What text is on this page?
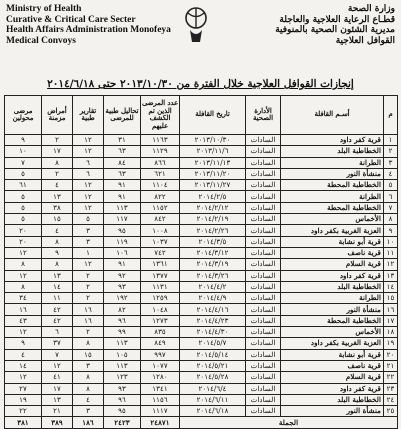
Ministry of Health
Curative & Critical Care Secter
Health Affairs Administration Monofeya
Medical Convoys
وزارة الصحة
قطـاع الرعاية العلاجية والعاجلة
مديرية الشئون الصحية بالمنوفية
القوافل العلاجية
إنجازات القوافل العلاجية خلال الفترة من ٢٠١٣/١٠/٣٠ حتى ٢٠١٤/٦/١٨
م	أسـم القافلة	الأدارة الصحية	تاريخ القافلة	عدد المرضى الذين تم الكشف عليهم	تحاليل طبية للمرضى	تقارير طبية	أمراض مزمنة	مرضى محولين
١	قرية كفر داود	السادات	٢٠١٣/١٠/٣٠	١١٦٣	٣١	١٢	٢	٩
٢	الخطاطبة البلد	السادات	٢٠١٣/١١/٦	١١٢٩	٦٣	١٢	١٧	١٠
٣	الطرانة	السادات	٢٠١٣/١١/١٣	٨٦٦	٨٤	٦	٨	٧
٤	منشأة النور	السادات	٢٠١٣/١١/٢٠	٦٢١	٦٣	٦	٢	٥
٥	الخطاطبة المحطة	السادات	٢٠١٣/١١/٢٧	١١٠٤	٩١	١٢	٤	٦١
٦	الطرانة	السادات	٢٠١٤/٢/٥	٨٢٢	٩١	١٢	١٣	٥
٧	الخطاطبة المحطة	السادات	٢٠١٤/٢/١٢	١١٥٢	١١٣	١٢	٣٨	٥
٨	الأخماس	السادات	٢٠١٤/٢/١٩	٨٤٢	١١٧	٥	١٥	٥
٩	العزبة الغربية بكفر داود	السادات	٢٠١٤/٢/٢٦	١٠٠٨	٩٥	٣	٤	٢٠
١٠	قرية أبو نشابة	السادات	٢٠١٤/٣/٥	١٠٣٧	١١٩	٣	٨	٢٠
١١	قرية ناصف	السادات	٢٠١٤/٣/١٢	٧٤٢	١٠٦	١	٩	١٢
١٢	قرية السلام	السادات	٢٠١٤/٣/١٩	١٣٦١	٩١	١٢	٨	٨
١٣	قرية كفر داود	السادات	٢٠١٤/٣/٢٦	١٣٧٧	٩٢	٢	١٣	١٢
١٤	الخطاطبة البلد	السادات	٢٠١٤/٤/٢	١١٣١	٩٣	٢	١٤	٨
١٥	الطرانة	السادات	٢٠١٤/٤/٩	١٢٥٩	١٩٢	٢	١١	٣٤
١٦	منشأة النور	السادات	٢٠١٤/٤/١٦	١٠٤٨	٨٢	١٦	٤٢	١٦
١٧	الخطاطبة المحطة	السادات	٢٠١٤/٤/٢٣	١٢٧٣	٩٦	١٦	٤٢	٤٣
١٨	الأخماس	السادات	٢٠١٤/٤/٣٠	٨٣٥	٩٩	٢	٦	١٢
١٩	العزبة الغربية بكفر داود	السادات	٢٠١٤/٥/٧	٨٤٩	١١٣	٨	٣٧	٩
٢٠	قرية أبو نشابة	السادات	٢٠١٤/٥/١٤	٩٩٧	١٠٥	١٥	٧	٤
٢١	قرية ناصف	السادات	٢٠١٤/٥/٢١	١٠٧٧	١١٣	٣	١٢	١٤
٢٢	قرية السلام	السادات	٢٠١٤/٥/٢٨	١٢٨٠	١٢٣	٨	٤١	١٢
٢٣	قرية كفر داود	السادات	٢٠١٤/٦/٤	١٣٤١	٩٣	٨	١٧	٢٧
٢٤	الخطاطبة البلد	السادات	٢٠١٤/٦/١١	١١٥٦	٩٦	٤	١٣	١٩
٢٥	منشأة النور	السادات	٢٠١٤/٦/١٨	١١١٧	٩٥	٣	٢١	٢٢
الجملة				٢٤٨٧١	٢٤٢٣	١٨٦	٣٨٩	٣٨١
